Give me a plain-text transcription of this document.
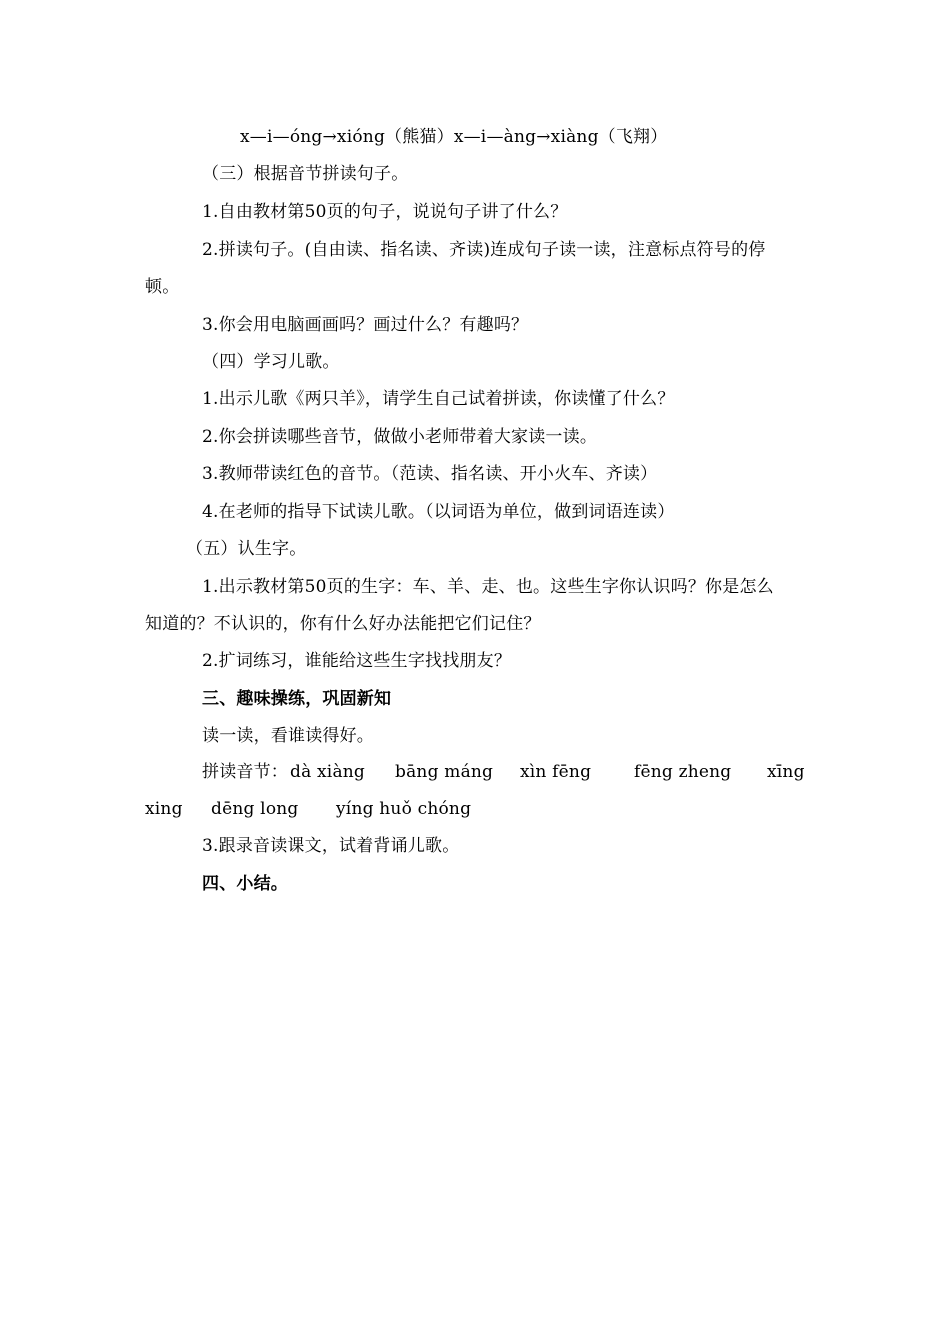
x—i—óng→xióng（熊猫）x—i—àng→xiàng（飞翔）
（三）根据音节拼读句子。
1.自由教材第50页的句子，说说句子讲了什么？
2.拼读句子。(自由读、指名读、齐读)连成句子读一读，注意标点符号的停
顿。
3.你会用电脑画画吗？画过什么？有趣吗？
（四）学习儿歌。
1.出示儿歌《两只羊》，请学生自己试着拼读，你读懂了什么？
2.你会拼读哪些音节，做做小老师带着大家读一读。
3.教师带读红色的音节。（范读、指名读、开小火车、齐读）
4.在老师的指导下试读儿歌。（以词语为单位，做到词语连读）
（五）认生字。
1.出示教材第50页的生字：车、羊、走、也。这些生字你认识吗？你是怎么
知道的？不认识的，你有什么好办法能把它们记住？
2.扩词练习，谁能给这些生字找找朋友？
三、趣味操练，巩固新知
读一读，看谁读得好。
拼读音节： dà xiàng bāng máng xìn fēng	fēng zheng xīng
xing dēng long yíng huǒ chóng
3.跟录音读课文，试着背诵儿歌。
四、小结。
